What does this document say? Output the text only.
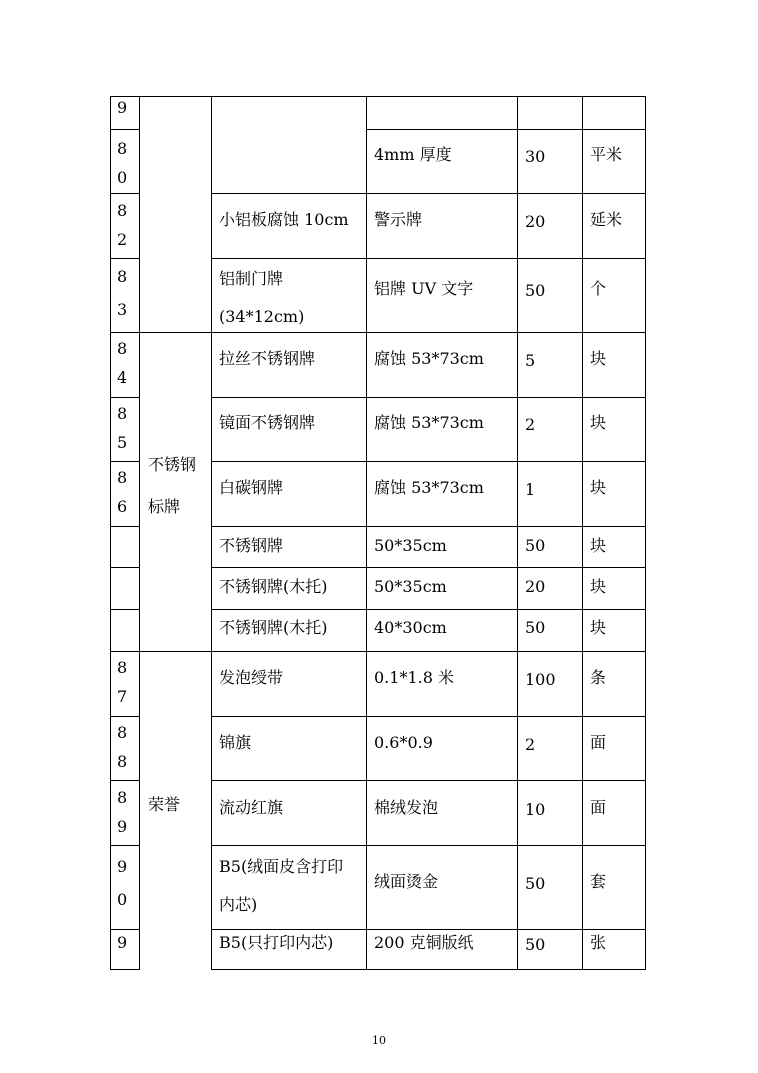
9
8
0
8
2
8
3
8
4
8
5
8
6
8
7
8
8
8
9
9
0
9
不锈钢
标牌
荣誉
小铝板腐蚀 10cm
铝制门牌
(34*12cm)
拉丝不锈钢牌
镜面不锈钢牌
白碳钢牌
不锈钢牌
不锈钢牌(木托)
不锈钢牌(木托)
发泡绶带
锦旗
流动红旗
B5(绒面皮含打印
内芯)
B5(只打印内芯)
4mm 厚度
警示牌
铝牌 UV 文字
腐蚀 53*73cm
腐蚀 53*73cm
腐蚀 53*73cm
50*35cm
50*35cm
40*30cm
0.1*1.8 米
0.6*0.9
棉绒发泡
绒面烫金
200 克铜版纸
30
20
50
5
2
1
50
20
50
100
2
10
50
50
平米
延米
个
块
块
块
块
块
块
条
面
面
套
张
10
